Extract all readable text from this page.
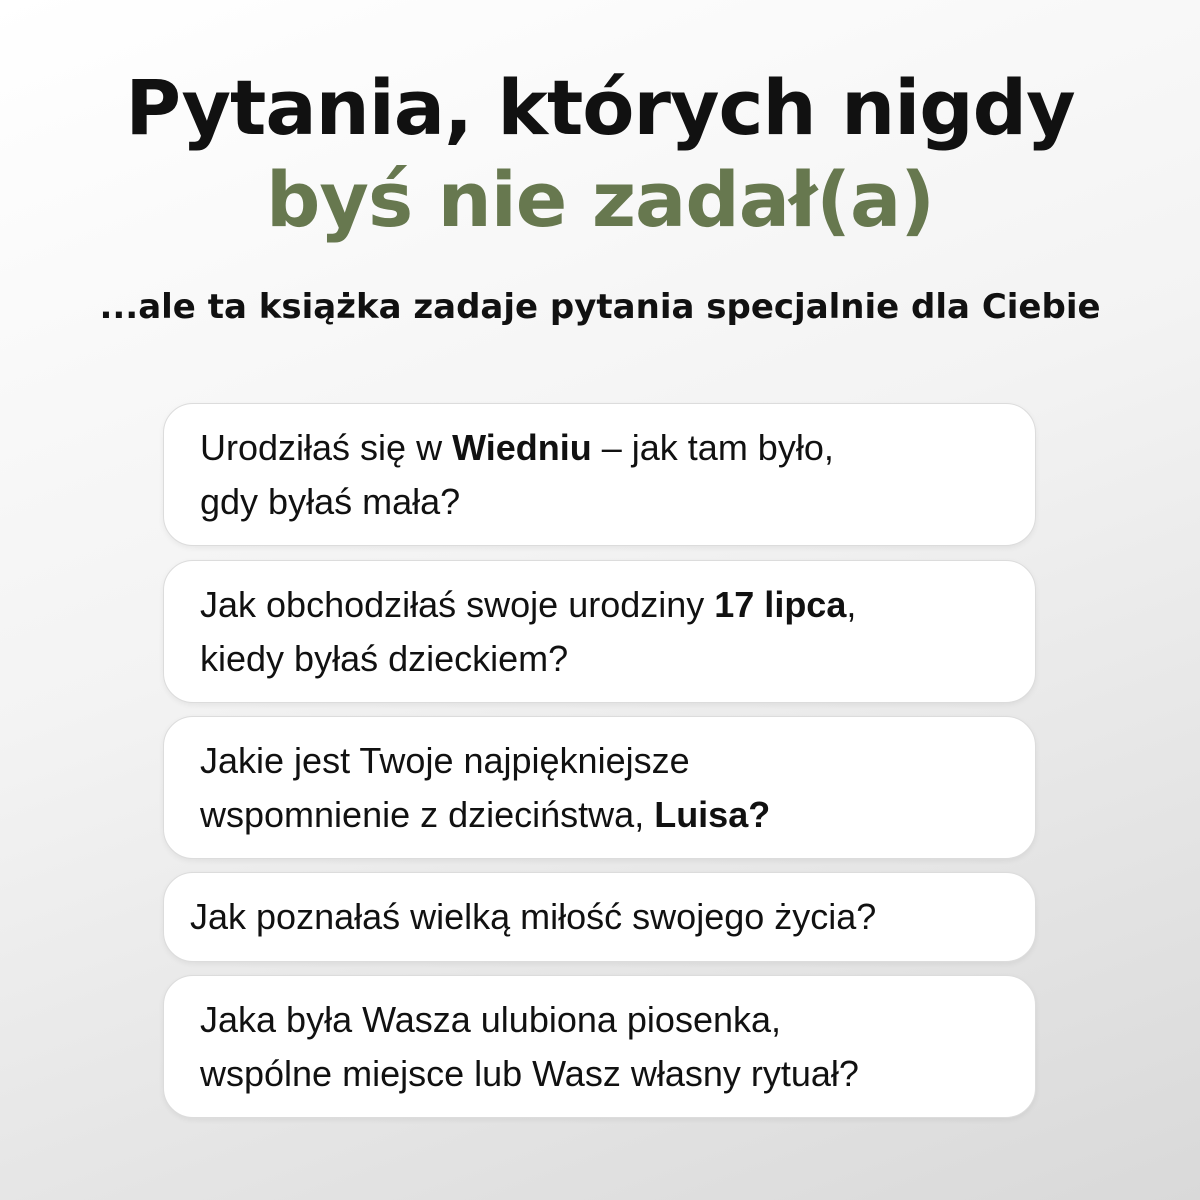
Pytania, których nigdy
byś nie zadał(a)
...ale ta książka zadaje pytania specjalnie dla Ciebie
Urodziłaś się w Wiedniu – jak tam było,
gdy byłaś mała?
Jak obchodziłaś swoje urodziny 17 lipca,
kiedy byłaś dzieckiem?
Jakie jest Twoje najpiękniejsze
wspomnienie z dzieciństwa, Luisa?
Jak poznałaś wielką miłość swojego życia?
Jaka była Wasza ulubiona piosenka,
wspólne miejsce lub Wasz własny rytuał?
